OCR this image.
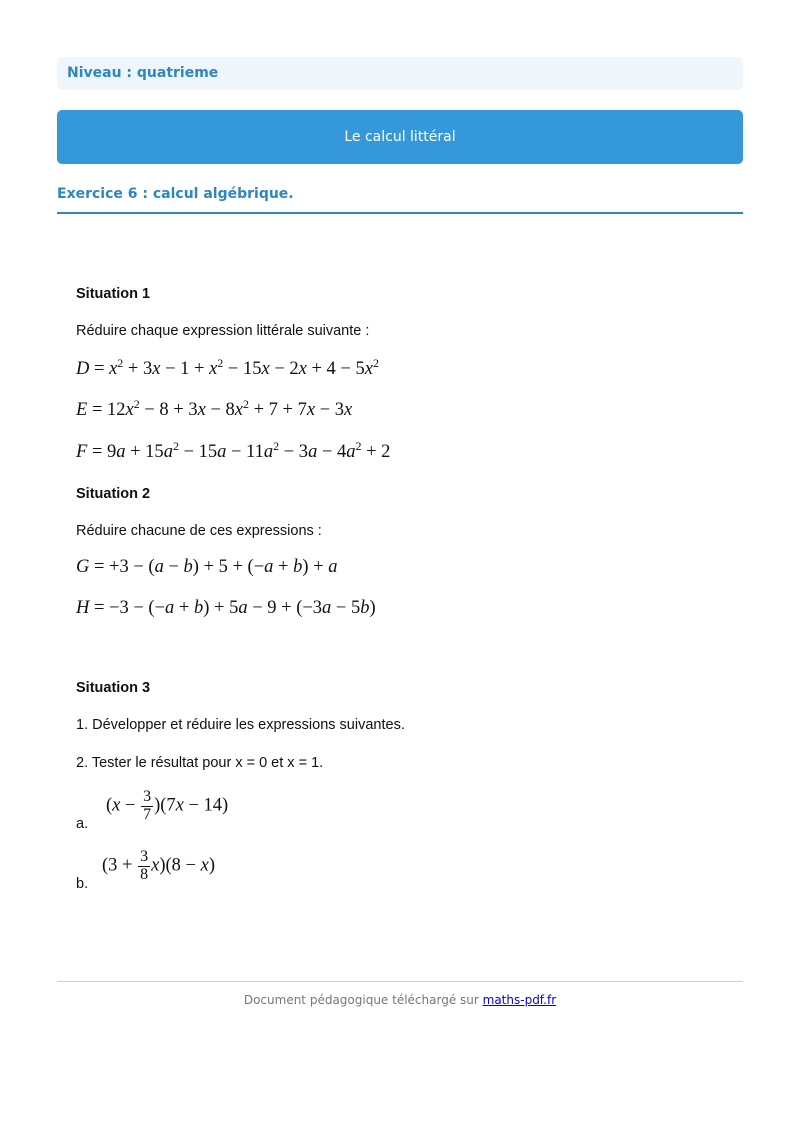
Niveau : quatrieme
Le calcul littéral
Exercice 6 : calcul algébrique.
Situation 1
Réduire chaque expression littérale suivante :
$D = x^2 + 3x - 1 + x^2 - 15x - 2x + 4 - 5x^2$
$E = 12x^2 - 8 + 3x - 8x^2 + 7 + 7x - 3x$
$F = 9a + 15a^2 - 15a - 11a^2 - 3a - 4a^2 + 2$
Situation 2
Réduire chacune de ces expressions :
G = +3 − (a − b) + 5 + (−a + b) + a
H = −3 − (−a + b) + 5a − 9 + (−3a − 5b)
Situation 3
1. Développer et réduire les expressions suivantes.
2. Tester le résultat pour x = 0 et x = 1.
a.
$(x - \frac{3}{7} )(7x - 14)$
b.
$(3 + \frac{3}{8} x)(8 - x)$
Document pédagogique téléchargé sur maths-pdf.fr
